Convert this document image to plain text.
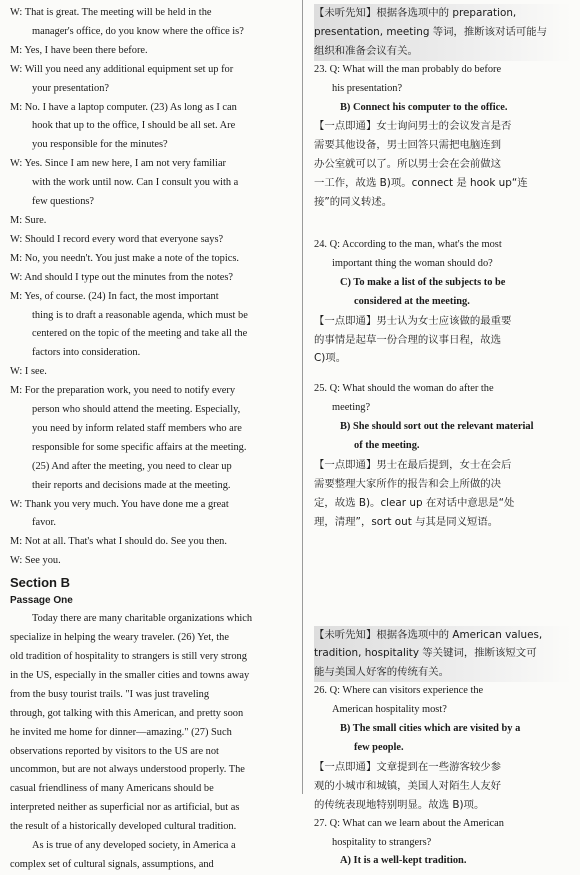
W: That is great. The meeting will be held in the
manager's office, do you know where the office is?
M: Yes, I have been there before.
W: Will you need any additional equipment set up for
your presentation?
M: No. I have a laptop computer. (23) As long as I can
hook that up to the office, I should be all set. Are
you responsible for the minutes?
W: Yes. Since I am new here, I am not very familiar
with the work until now. Can I consult you with a
few questions?
M: Sure.
W: Should I record every word that everyone says?
M: No, you needn't. You just make a note of the topics.
W: And should I type out the minutes from the notes?
M: Yes, of course. (24) In fact, the most important
thing is to draft a reasonable agenda, which must be
centered on the topic of the meeting and take all the
factors into consideration.
W: I see.
M: For the preparation work, you need to notify every
person who should attend the meeting. Especially,
you need by inform related staff members who are
responsible for some specific affairs at the meeting.
(25) And after the meeting, you need to clear up
their reports and decisions made at the meeting.
W: Thank you very much. You have done me a great
favor.
M: Not at all. That's what I should do. See you then.
W: See you.
Section B
Passage One
Today there are many charitable organizations which
specialize in helping the weary traveler. (26) Yet, the
old tradition of hospitality to strangers is still very strong
in the US, especially in the smaller cities and towns away
from the busy tourist trails. "I was just traveling
through, got talking with this American, and pretty soon
he invited me home for dinner—amazing." (27) Such
observations reported by visitors to the US are not
uncommon, but are not always understood properly. The
casual friendliness of many Americans should be
interpreted neither as superficial nor as artificial, but as
the result of a historically developed cultural tradition.
As is true of any developed society, in America a
complex set of cultural signals, assumptions, and
【未听先知】根据各选项中的 preparation,
presentation, meeting 等词，推断该对话可能与
组织和准备会议有关。
23. Q: What will the man probably do before
his presentation?
B) Connect his computer to the office.
【一点即通】女士询问男士的会议发言是否
需要其他设备，男士回答只需把电脑连到
办公室就可以了。所以男士会在会前做这
一工作，故选 B)项。connect 是 hook up“连
接”的同义转述。
24. Q: According to the man, what's the most
important thing the woman should do?
C) To make a list of the subjects to be
considered at the meeting.
【一点即通】男士认为女士应该做的最重要
的事情是起草一份合理的议事日程，故选
C)项。
25. Q: What should the woman do after the
meeting?
B) She should sort out the relevant material
of the meeting.
【一点即通】男士在最后提到，女士在会后
需要整理大家所作的报告和会上所做的决
定，故选 B)。clear up 在对话中意思是“处
理，清理”，sort out 与其是同义短语。
【未听先知】根据各选项中的 American values,
tradition, hospitality 等关键词，推断该短文可
能与美国人好客的传统有关。
26. Q: Where can visitors experience the
American hospitality most?
B) The small cities which are visited by a
few people.
【一点即通】文章提到在一些游客较少参
观的小城市和城镇，美国人对陌生人友好
的传统表现地特别明显。故选 B)项。
27. Q: What can we learn about the American
hospitality to strangers?
A) It is a well-kept tradition.
